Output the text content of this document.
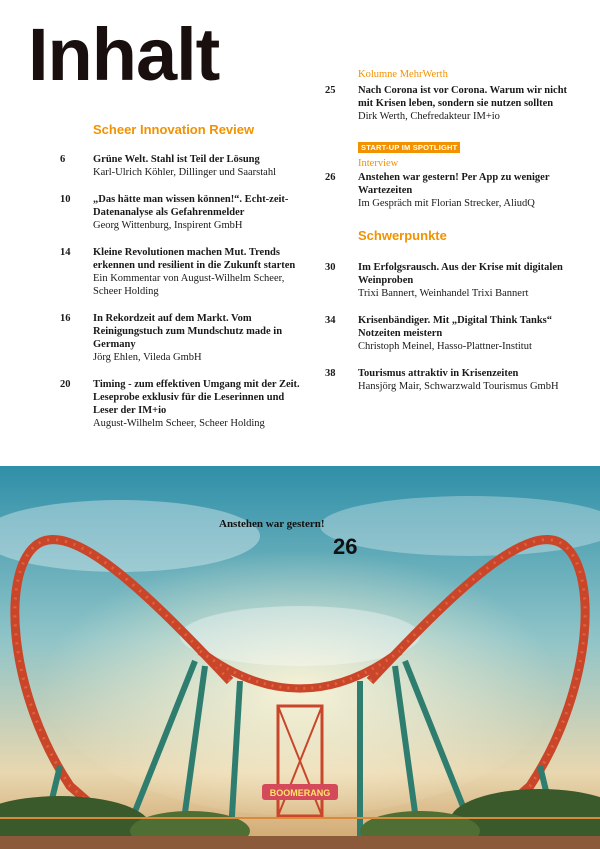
Inhalt
Scheer Innovation Review
6	Grüne Welt. Stahl ist Teil der Lösung
Karl-Ulrich Köhler, Dillinger und Saarstahl
10	„Das hätte man wissen können!“. Echt-zeit-Datenanalyse als Gefahrenmelder
Georg Wittenburg, Inspirent GmbH
14	Kleine Revolutionen machen Mut. Trends erkennen und resilient in die Zukunft starten
Ein Kommentar von August-Wilhelm Scheer, Scheer Holding
16	In Rekordzeit auf dem Markt. Vom Reinigungstuch zum Mundschutz made in Germany
Jörg Ehlen, Vileda GmbH
20	Timing - zum effektiven Umgang mit der Zeit. Leseprobe exklusiv für die Leserinnen und Leser der IM+io
August-Wilhelm Scheer, Scheer Holding
Kolumne MehrWerth
25	Nach Corona ist vor Corona. Warum wir nicht mit Krisen leben, sondern sie nutzen sollten
Dirk Werth, Chefredakteur IM+io
START-UP IM SPOTLIGHT
Interview
26	Anstehen war gestern! Per App zu weniger Wartezeiten
Im Gespräch mit Florian Strecker, AliudQ
Schwerpunkte
30	Im Erfolgsrausch. Aus der Krise mit digitalen Weinproben
Trixi Bannert, Weinhandel Trixi Bannert
34	Krisenbändiger. Mit „Digital Think Tanks“ Notzeiten meistern
Christoph Meinel, Hasso-Plattner-Institut
38	Tourismus attraktiv in Krisenzeiten
Hansjörg Mair, Schwarzwald Tourismus GmbH
BOOMERANG
Anstehen war gestern!
26
